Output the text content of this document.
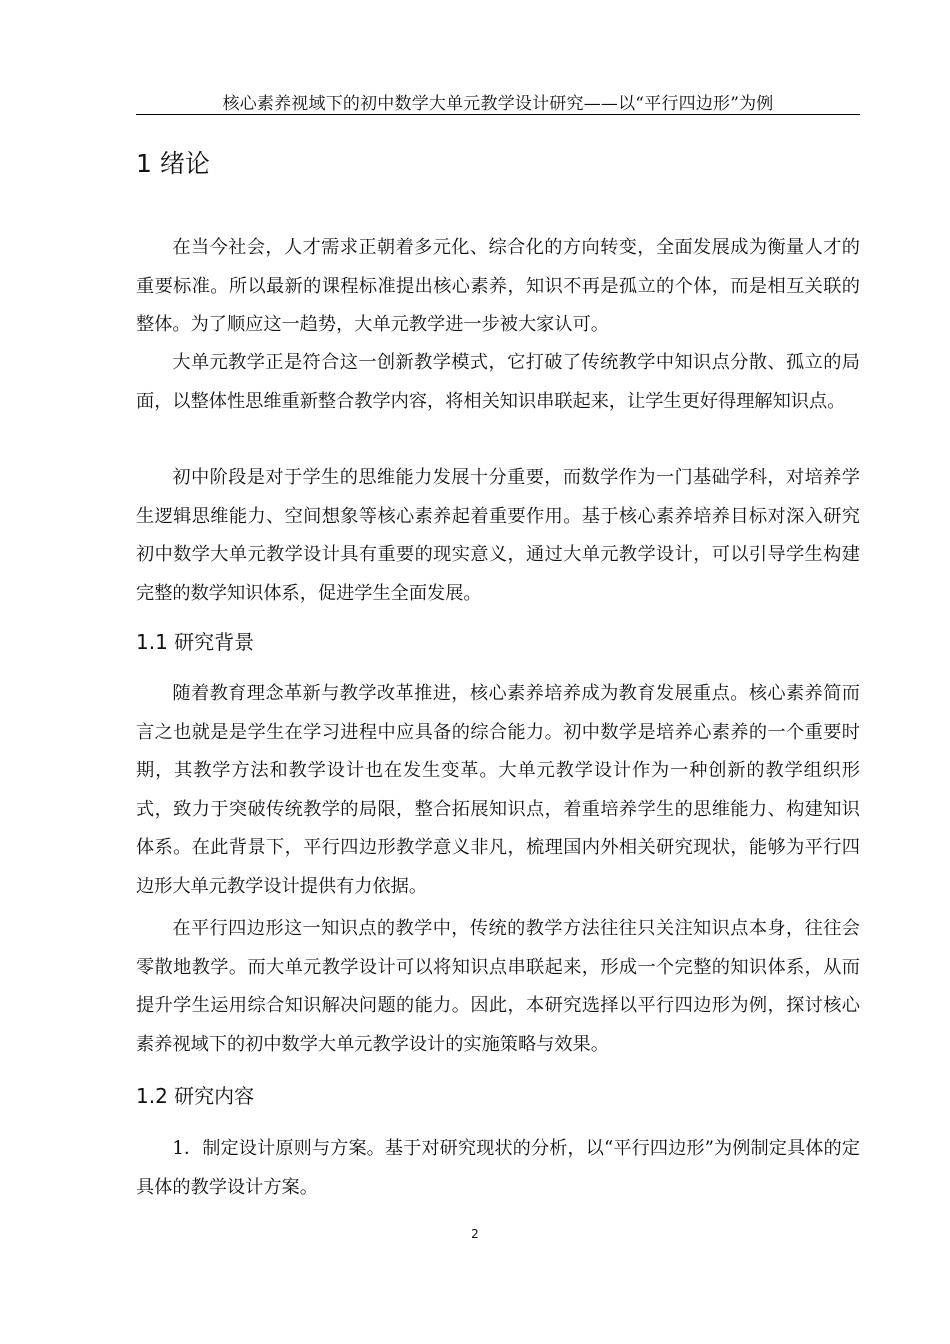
核心素养视域下的初中数学大单元教学设计研究——以“平行四边形”为例
1 绪论

在当今社会，人才需求正朝着多元化、综合化的方向转变，全面发展成为衡量人才的重要标准。所以最新的课程标准提出核心素养，知识不再是孤立的个体，而是相互关联的整体。为了顺应这一趋势，大单元教学进一步被大家认可。

大单元教学正是符合这一创新教学模式，它打破了传统教学中知识点分散、孤立的局面，以整体性思维重新整合教学内容，将相关知识串联起来，让学生更好得理解知识点。

初中阶段是对于学生的思维能力发展十分重要，而数学作为一门基础学科，对培养学生逻辑思维能力、空间想象等核心素养起着重要作用。基于核心素养培养目标对深入研究初中数学大单元教学设计具有重要的现实意义，通过大单元教学设计，可以引导学生构建完整的数学知识体系，促进学生全面发展。

1.1 研究背景

随着教育理念革新与教学改革推进，核心素养培养成为教育发展重点。核心素养简而言之也就是是学生在学习进程中应具备的综合能力。初中数学是培养心素养的一个重要时期，其教学方法和教学设计也在发生变革。大单元教学设计作为一种创新的教学组织形式，致力于突破传统教学的局限，整合拓展知识点，着重培养学生的思维能力、构建知识体系。在此背景下，平行四边形教学意义非凡，梳理国内外相关研究现状，能够为平行四边形大单元教学设计提供有力依据。

在平行四边形这一知识点的教学中，传统的教学方法往往只关注知识点本身，往往会零散地教学。而大单元教学设计可以将知识点串联起来，形成一个完整的知识体系，从而提升学生运用综合知识解决问题的能力。因此，本研究选择以平行四边形为例，探讨核心素养视域下的初中数学大单元教学设计的实施策略与效果。

1.2 研究内容

1．制定设计原则与方案。基于对研究现状的分析，以“平行四边形”为例制定具体的定具体的教学设计方案。

2
